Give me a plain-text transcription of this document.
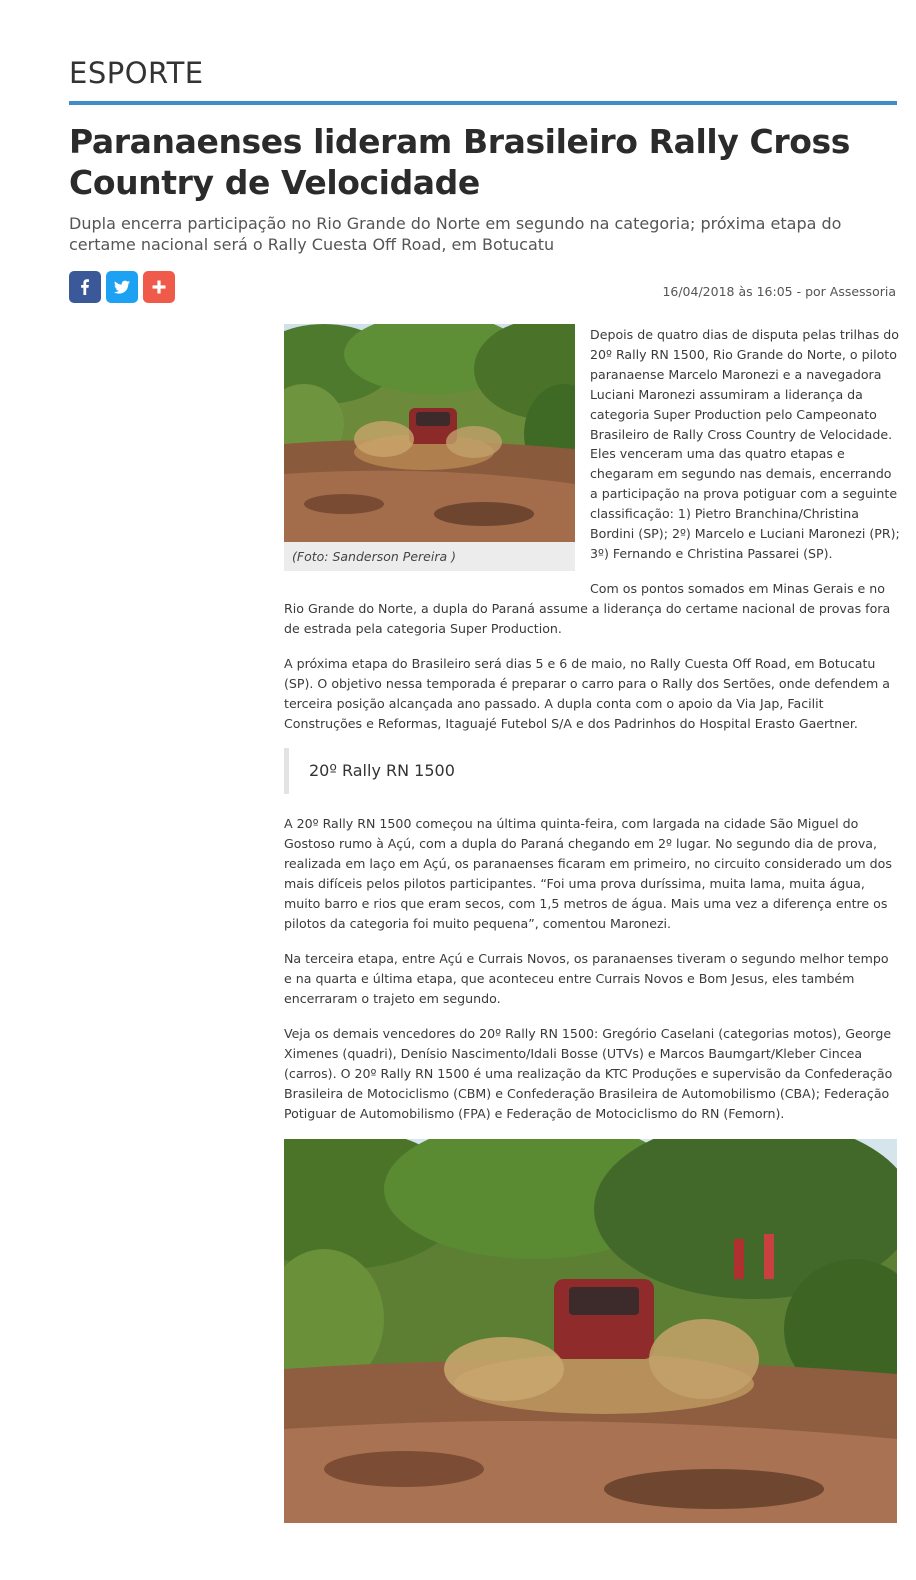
ESPORTE
Paranaenses lideram Brasileiro Rally Cross Country de Velocidade

Dupla encerra participação no Rio Grande do Norte em segundo na categoria; próxima etapa do certame nacional será o Rally Cuesta Off Road, em Botucatu

16/04/2018 às 16:05 - por Assessoria
(Foto: Sanderson Pereira )

Depois de quatro dias de disputa pelas trilhas do 20º Rally RN 1500, Rio Grande do Norte, o piloto paranaense Marcelo Maronezi e a navegadora Luciani Maronezi assumiram a liderança da categoria Super Production pelo Campeonato Brasileiro de Rally Cross Country de Velocidade. Eles venceram uma das quatro etapas e chegaram em segundo nas demais, encerrando a participação na prova potiguar com a seguinte classificação: 1) Pietro Branchina/Christina Bordini (SP); 2º) Marcelo e Luciani Maronezi (PR); 3º) Fernando e Christina Passarei (SP).

Com os pontos somados em Minas Gerais e no Rio Grande do Norte, a dupla do Paraná assume a liderança do certame nacional de provas fora de estrada pela categoria Super Production.

A próxima etapa do Brasileiro será dias 5 e 6 de maio, no Rally Cuesta Off Road, em Botucatu (SP). O objetivo nessa temporada é preparar o carro para o Rally dos Sertões, onde defendem a terceira posição alcançada ano passado. A dupla conta com o apoio da Via Jap, Facilit Construções e Reformas, Itaguajé Futebol S/A e dos Padrinhos do Hospital Erasto Gaertner.

20º Rally RN 1500

A 20º Rally RN 1500 começou na última quinta-feira, com largada na cidade São Miguel do Gostoso rumo à Açú, com a dupla do Paraná chegando em 2º lugar. No segundo dia de prova, realizada em laço em Açú, os paranaenses ficaram em primeiro, no circuito considerado um dos mais difíceis pelos pilotos participantes. “Foi uma prova duríssima, muita lama, muita água, muito barro e rios que eram secos, com 1,5 metros de água. Mais uma vez a diferença entre os pilotos da categoria foi muito pequena”, comentou Maronezi.

Na terceira etapa, entre Açú e Currais Novos, os paranaenses tiveram o segundo melhor tempo e na quarta e última etapa, que aconteceu entre Currais Novos e Bom Jesus, eles também encerraram o trajeto em segundo.

Veja os demais vencedores do 20º Rally RN 1500: Gregório Caselani (categorias motos), George Ximenes (quadri), Denísio Nascimento/Idali Bosse (UTVs) e Marcos Baumgart/Kleber Cincea (carros). O 20º Rally RN 1500 é uma realização da KTC Produções e supervisão da Confederação Brasileira de Motociclismo (CBM) e Confederação Brasileira de Automobilismo (CBA); Federação Potiguar de Automobilismo (FPA) e Federação de Motociclismo do RN (Femorn).
